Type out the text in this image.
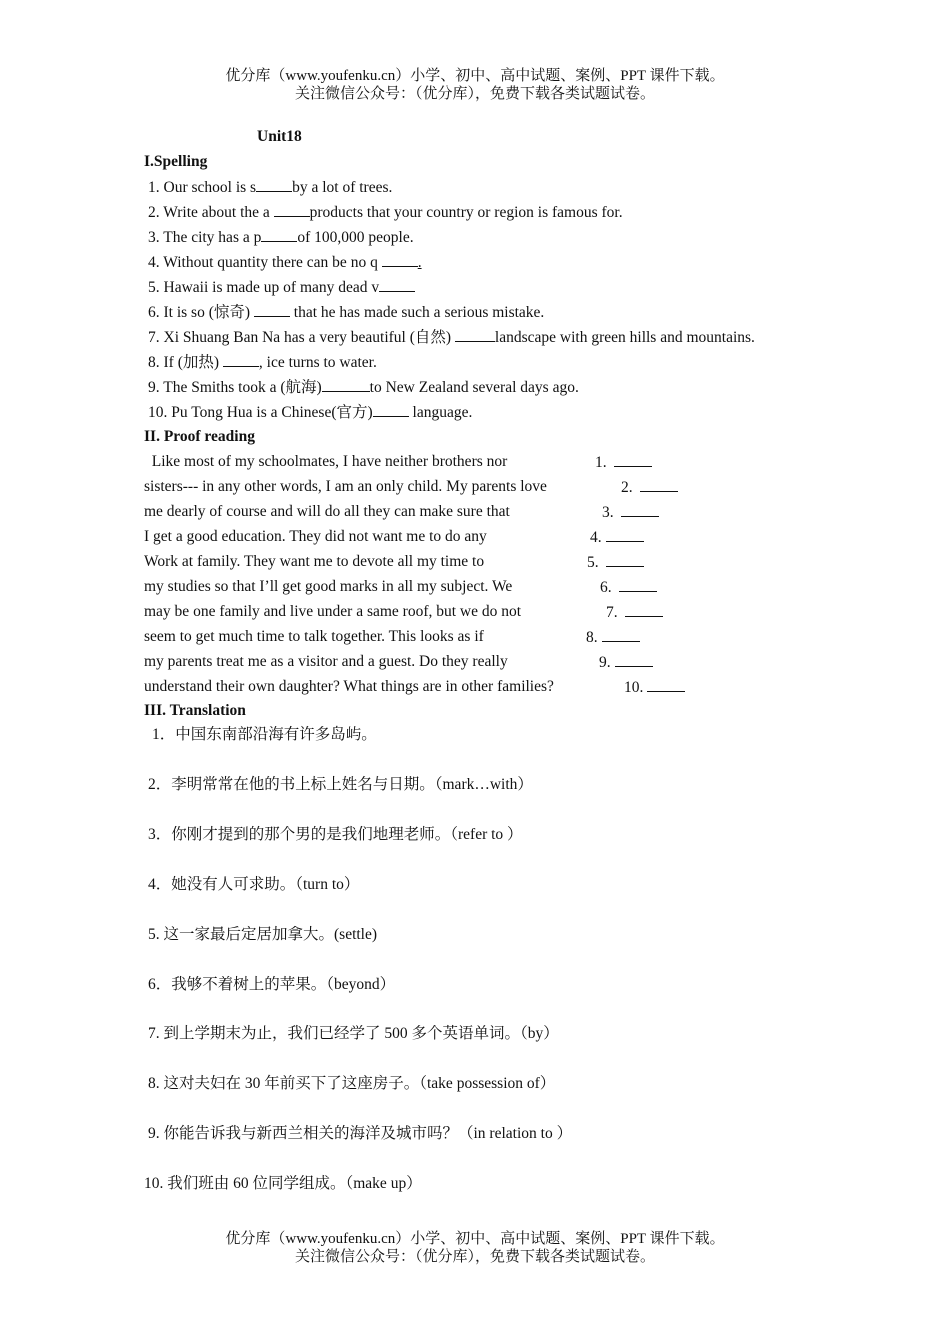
优分库（www.youfenku.cn）小学、初中、高中试题、案例、PPT 课件下载。
关注微信公众号：（优分库），免费下载各类试题试卷。
Unit18
I.Spelling
1. Our school is s by a lot of trees.
2. Write about the a products that your country or region is famous for.
3. The city has a p of 100,000 people.
4. Without quantity there can be no q .
5. Hawaii is made up of many dead v
6. It is so (惊奇)  that he has made such a serious mistake.
7. Xi Shuang Ban Na has a very beautiful (自然)	landscape with green hills and mountains.
8. If (加热) , ice turns to water.
9. The Smiths took a (航海)	to New Zealand several days ago.
10. Pu Tong Hua is a Chinese(官方) language.
II. Proof reading
Like most of my schoolmates, I have neither brothers nor	1.
sisters--- in any other words, I am an only child. My parents love	2.
me dearly of course and will do all they can make sure that	3.
I get a good education. They did not want me to do any	4.
Work at family. They want me to devote all my time to	5.
my studies so that I’ll get good marks in all my subject. We	6.
may be one family and live under a same roof, but we do not	7.
seem to get much time to talk together. This looks as if	8.
my parents treat me as a visitor and a guest. Do they really	9.
understand their own daughter? What things are in other families?	10.
III. Translation
1．中国东南部沿海有许多岛屿。
2．李明常常在他的书上标上姓名与日期。（mark…with）
3．你刚才提到的那个男的是我们地理老师。（refer to ）
4．她没有人可求助。（turn to）
5. 这一家最后定居加拿大。(settle)
6．我够不着树上的苹果。（beyond）
7. 到上学期末为止，我们已经学了 500 多个英语单词。（by）
8. 这对夫妇在 30 年前买下了这座房子。（take possession of）
9. 你能告诉我与新西兰相关的海洋及城市吗？（in relation to ）
10. 我们班由 60 位同学组成。（make up）
优分库（www.youfenku.cn）小学、初中、高中试题、案例、PPT 课件下载。
关注微信公众号：（优分库），免费下载各类试题试卷。
